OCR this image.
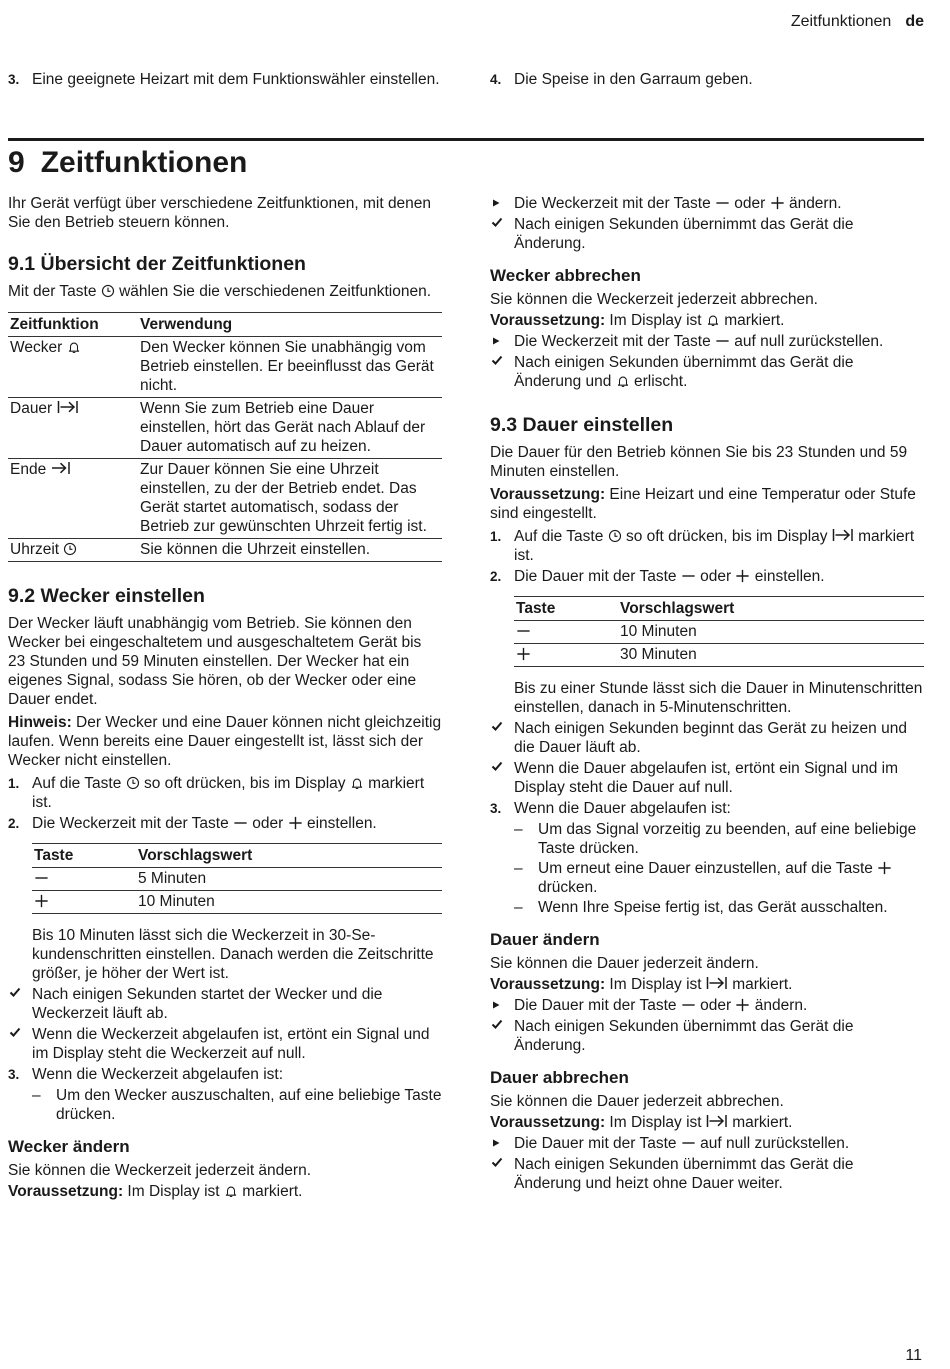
Zeitfunktionen de
3. Eine geeignete Heizart mit dem Funktionswähler einstellen.	4. Die Speise in den Garraum geben.
9 Zeitfunktionen

Ihr Gerät verfügt über verschiedene Zeitfunktionen, mit denen Sie den Betrieb steuern können.

9.1 Übersicht der Zeitfunktionen

Mit der Taste
wählen Sie die verschiedenen Zeitfunktionen.

Zeitfunktion	Verwendung
Wecker	Den Wecker können Sie unabhängig vom Betrieb einstellen. Er beeinflusst das Gerät nicht.
Dauer	Wenn Sie zum Betrieb eine Dauer einstellen, hört das Gerät nach Ablauf der Dauer automatisch auf zu heizen.
Ende	Zur Dauer können Sie eine Uhrzeit einstellen, zu der der Betrieb endet. Das Gerät startet automatisch, sodass der Betrieb zur gewünschten Uhrzeit fertig ist.
Uhrzeit	Sie können die Uhrzeit einstellen.
9.2 Wecker einstellen

Der Wecker läuft unabhängig vom Betrieb. Sie können den Wecker bei eingeschaltetem und ausgeschaltetem Gerät bis 23 Stunden und 59 Minuten einstellen. Der Wecker hat ein eigenes Signal, sodass Sie hören, ob der Wecker oder eine Dauer endet.

Hinweis: Der Wecker und eine Dauer können nicht gleichzeitig laufen. Wenn bereits eine Dauer eingestellt ist, lässt sich der Wecker nicht einstellen.

1. Auf die Taste
so oft drücken, bis im Display
markiert ist.
2. Die Weckerzeit mit der Taste
oder
einstellen.
Taste	Vorschlagswert

	5 Minuten

	10 Minuten

Bis 10 Minuten lässt sich die Weckerzeit in 30-Sekundenschritten einstellen. Danach werden die Zeitschritte größer, je höher der Wert ist.

Nach einigen Sekunden startet der Wecker und die Weckerzeit läuft ab.
Wenn die Weckerzeit abgelaufen ist, ertönt ein Signal und im Display steht die Weckerzeit auf null.
3. Wenn die Weckerzeit abgelaufen ist:
– Um den Wecker auszuschalten, auf eine beliebige Taste drücken.
Wecker ändern

Sie können die Weckerzeit jederzeit ändern.

Voraussetzung: Im Display ist
markiert.

Die Weckerzeit mit der Taste
oder
ändern.
Nach einigen Sekunden übernimmt das Gerät die Änderung.
Wecker abbrechen

Sie können die Weckerzeit jederzeit abbrechen.

Voraussetzung: Im Display ist
markiert.

Die Weckerzeit mit der Taste
auf null zurückstellen.
Nach einigen Sekunden übernimmt das Gerät die Änderung und
erlischt.
9.3 Dauer einstellen

Die Dauer für den Betrieb können Sie bis 23 Stunden und 59 Minuten einstellen.

Voraussetzung: Eine Heizart und eine Temperatur oder Stufe sind eingestellt.

1. Auf die Taste
so oft drücken, bis im Display
markiert ist.
2. Die Dauer mit der Taste
oder
einstellen.
Taste	Vorschlagswert

	10 Minuten

	30 Minuten

Bis zu einer Stunde lässt sich die Dauer in Minutenschritten einstellen, danach in 5-Minutenschritten.

Nach einigen Sekunden beginnt das Gerät zu heizen und die Dauer läuft ab.
Wenn die Dauer abgelaufen ist, ertönt ein Signal und im Display steht die Dauer auf null.
3. Wenn die Dauer abgelaufen ist:
– Um das Signal vorzeitig zu beenden, auf eine beliebige Taste drücken.
– Um erneut eine Dauer einzustellen, auf die Taste
drücken.
– Wenn Ihre Speise fertig ist, das Gerät ausschalten.
Dauer ändern

Sie können die Dauer jederzeit ändern.

Voraussetzung: Im Display ist
markiert.

Die Dauer mit der Taste
oder
ändern.
Nach einigen Sekunden übernimmt das Gerät die Änderung.
Dauer abbrechen

Sie können die Dauer jederzeit abbrechen.

Voraussetzung: Im Display ist
markiert.

Die Dauer mit der Taste
auf null zurückstellen.
Nach einigen Sekunden übernimmt das Gerät die Änderung und heizt ohne Dauer weiter.
11
